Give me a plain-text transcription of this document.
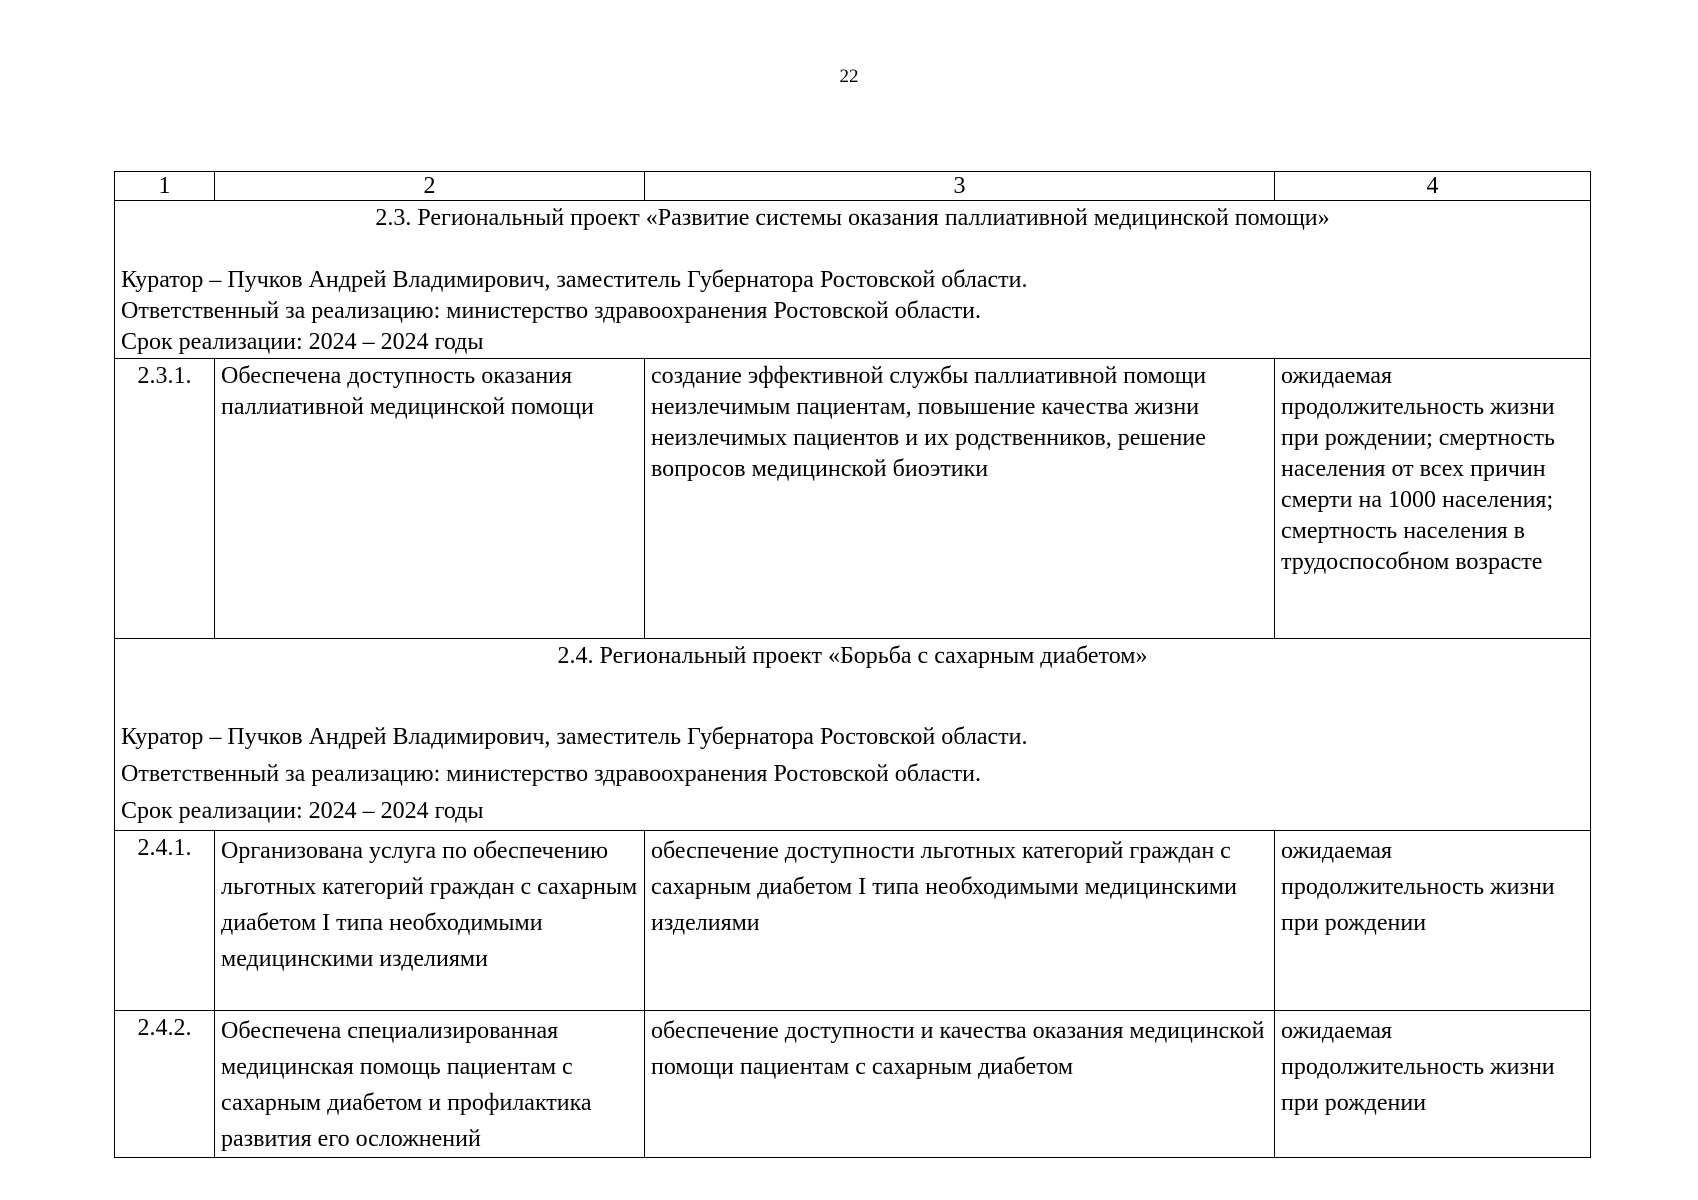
22
1	2	3	4

2.3. Региональный проект «Развитие системы оказания паллиативной медицинской помощи»
Куратор – Пучков Андрей Владимирович, заместитель Губернатора Ростовской области.
Ответственный за реализацию: министерство здравоохранения Ростовской области.
Срок реализации: 2024 – 2024 годы			

2.3.1.	Обеспечена доступность оказания паллиативной медицинской помощи	создание эффективной службы паллиативной помощи неизлечимым пациентам, повышение качества жизни неизлечимых пациентов и их родственников, решение вопросов медицинской биоэтики	ожидаемая продолжительность жизни при рождении; смертность населения от всех причин смерти на 1000 населения; смертность населения в трудоспособном возрасте

2.4. Региональный проект «Борьба с сахарным диабетом»
Куратор – Пучков Андрей Владимирович, заместитель Губернатора Ростовской области.
Ответственный за реализацию: министерство здравоохранения Ростовской области.
Срок реализации: 2024 – 2024 годы			

2.4.1.	Организована услуга по обеспечению льготных категорий граждан с сахарным диабетом I типа необходимыми медицинскими изделиями	обеспечение доступности льготных категорий граждан с сахарным диабетом I типа необходимыми медицинскими изделиями	ожидаемая продолжительность жизни при рождении
2.4.2.	Обеспечена специализированная медицинская помощь пациентам с сахарным диабетом и профилактика развития его осложнений	обеспечение доступности и качества оказания медицинской помощи пациентам с сахарным диабетом	ожидаемая продолжительность жизни при рождении
